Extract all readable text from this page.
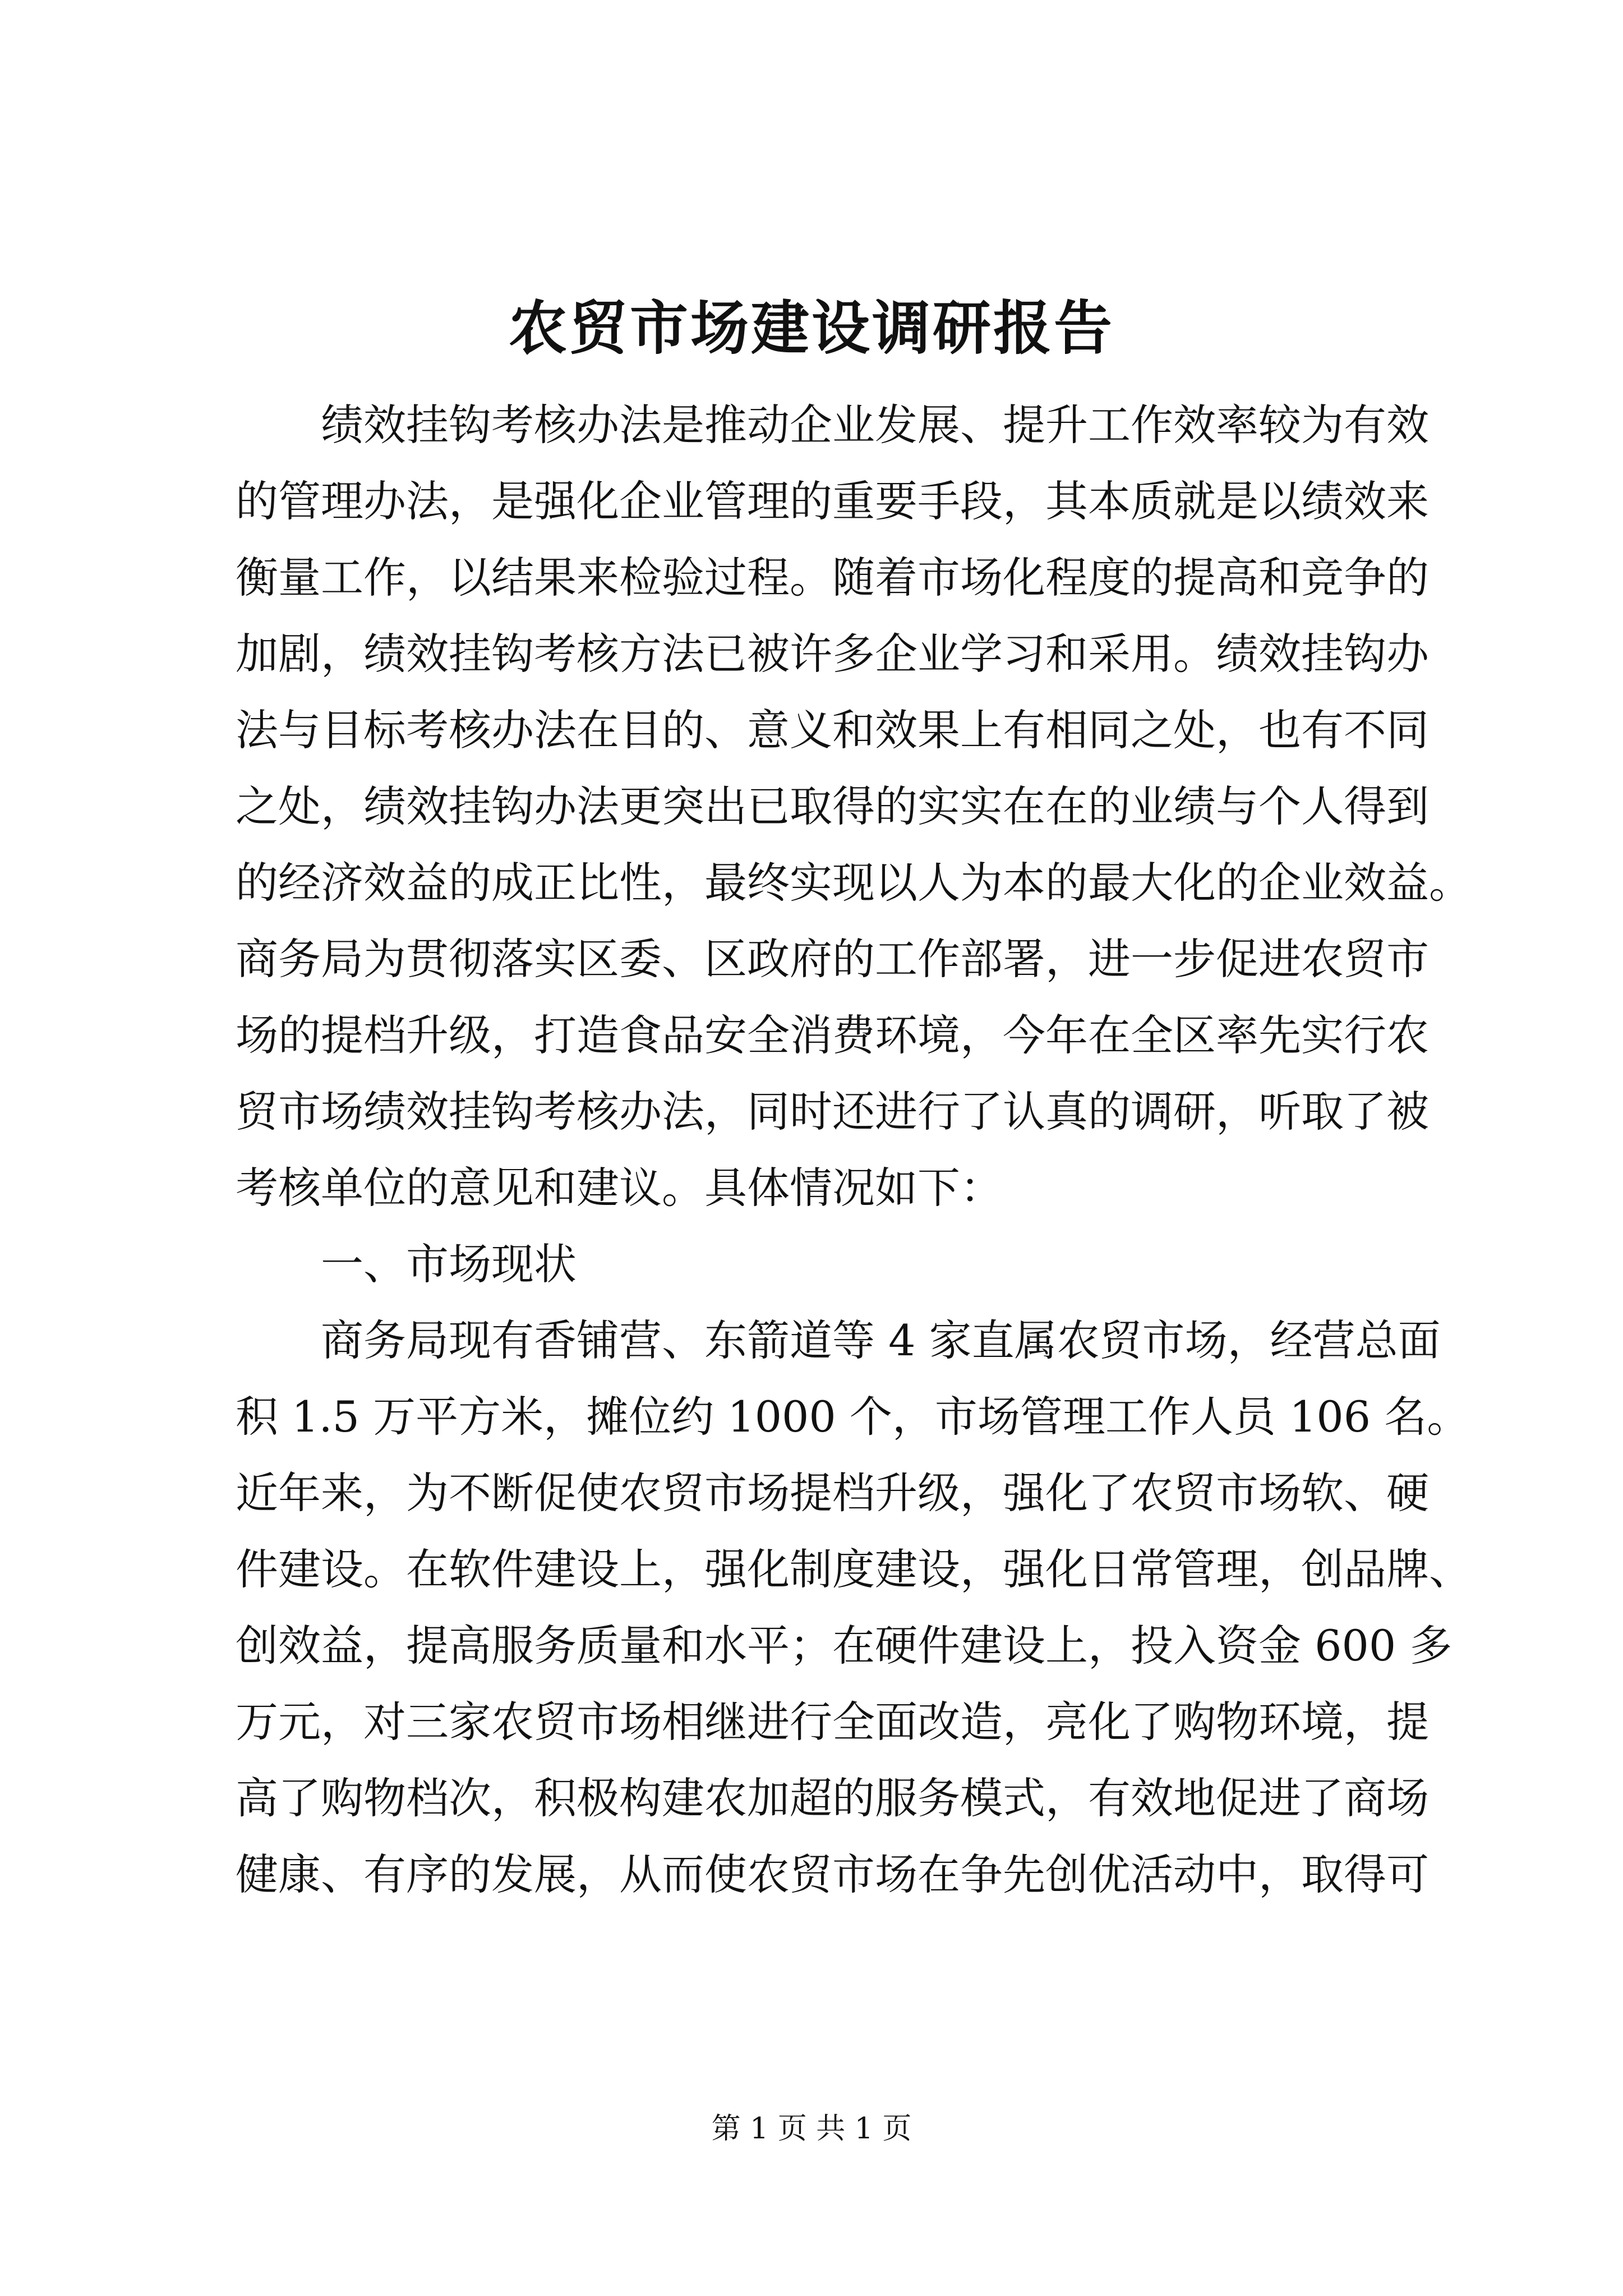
农贸市场建设调研报告
绩效挂钩考核办法是推动企业发展、提升工作效率较为有效
的管理办法，是强化企业管理的重要手段，其本质就是以绩效来
衡量工作，以结果来检验过程。随着市场化程度的提高和竞争的
加剧，绩效挂钩考核方法已被许多企业学习和采用。绩效挂钩办
法与目标考核办法在目的、意义和效果上有相同之处，也有不同
之处，绩效挂钩办法更突出已取得的实实在在的业绩与个人得到
的经济效益的成正比性，最终实现以人为本的最大化的企业效益。
商务局为贯彻落实区委、区政府的工作部署，进一步促进农贸市
场的提档升级，打造食品安全消费环境，今年在全区率先实行农
贸市场绩效挂钩考核办法，同时还进行了认真的调研，听取了被
考核单位的意见和建议。具体情况如下：
一、市场现状
商务局现有香铺营、东箭道等 4 家直属农贸市场，经营总面
积 1.5 万平方米，摊位约 1000 个，市场管理工作人员 106 名。
近年来，为不断促使农贸市场提档升级，强化了农贸市场软、硬
件建设。在软件建设上，强化制度建设，强化日常管理，创品牌、
创效益，提高服务质量和水平；在硬件建设上，投入资金 600 多
万元，对三家农贸市场相继进行全面改造，亮化了购物环境，提
高了购物档次，积极构建农加超的服务模式，有效地促进了商场
健康、有序的发展，从而使农贸市场在争先创优活动中，取得可
第 1 页 共 1 页
